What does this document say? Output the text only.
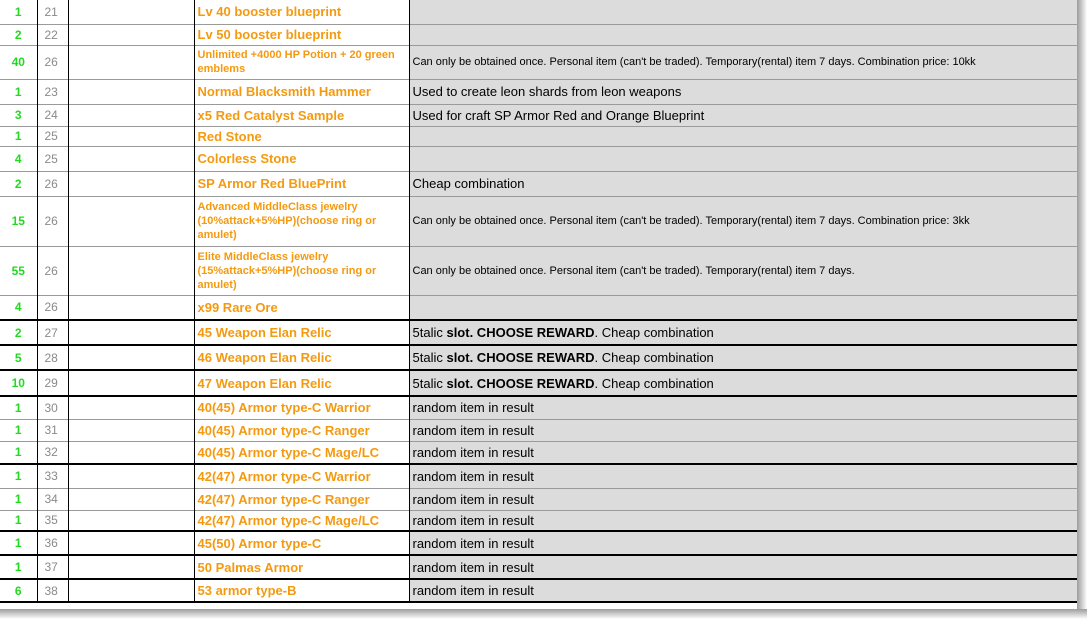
1	21		Lv 40 booster blueprint	
2	22		Lv 50 booster blueprint	
40	26		Unlimited +4000 HP Potion + 20 green emblems	Can only be obtained once. Personal item (can't be traded). Temporary(rental) item 7 days. Combination price: 10kk
1	23		Normal Blacksmith Hammer	Used to create leon shards from leon weapons
3	24		x5 Red Catalyst Sample	Used for craft SP Armor Red and Orange Blueprint
1	25		Red Stone	
4	25		Colorless Stone	
2	26		SP Armor Red BluePrint	Cheap combination
15	26		Advanced MiddleClass jewelry (10%attack+5%HP)(choose ring or amulet)	Can only be obtained once. Personal item (can't be traded). Temporary(rental) item 7 days. Combination price: 3kk
55	26		Elite MiddleClass jewelry (15%attack+5%HP)(choose ring or amulet)	Can only be obtained once. Personal item (can't be traded). Temporary(rental) item 7 days.
4	26		x99 Rare Ore	
2	27		45 Weapon Elan Relic	5talic slot. CHOOSE REWARD. Cheap combination
5	28		46 Weapon Elan Relic	5talic slot. CHOOSE REWARD. Cheap combination
10	29		47 Weapon Elan Relic	5talic slot. CHOOSE REWARD. Cheap combination
1	30		40(45) Armor type-C Warrior	random item in result
1	31		40(45) Armor type-C Ranger	random item in result
1	32		40(45) Armor type-C Mage/LC	random item in result
1	33		42(47) Armor type-C Warrior	random item in result
1	34		42(47) Armor type-C Ranger	random item in result
1	35		42(47) Armor type-C Mage/LC	random item in result
1	36		45(50) Armor type-C	random item in result
1	37		50 Palmas Armor	random item in result
6	38		53 armor type-B	random item in result
